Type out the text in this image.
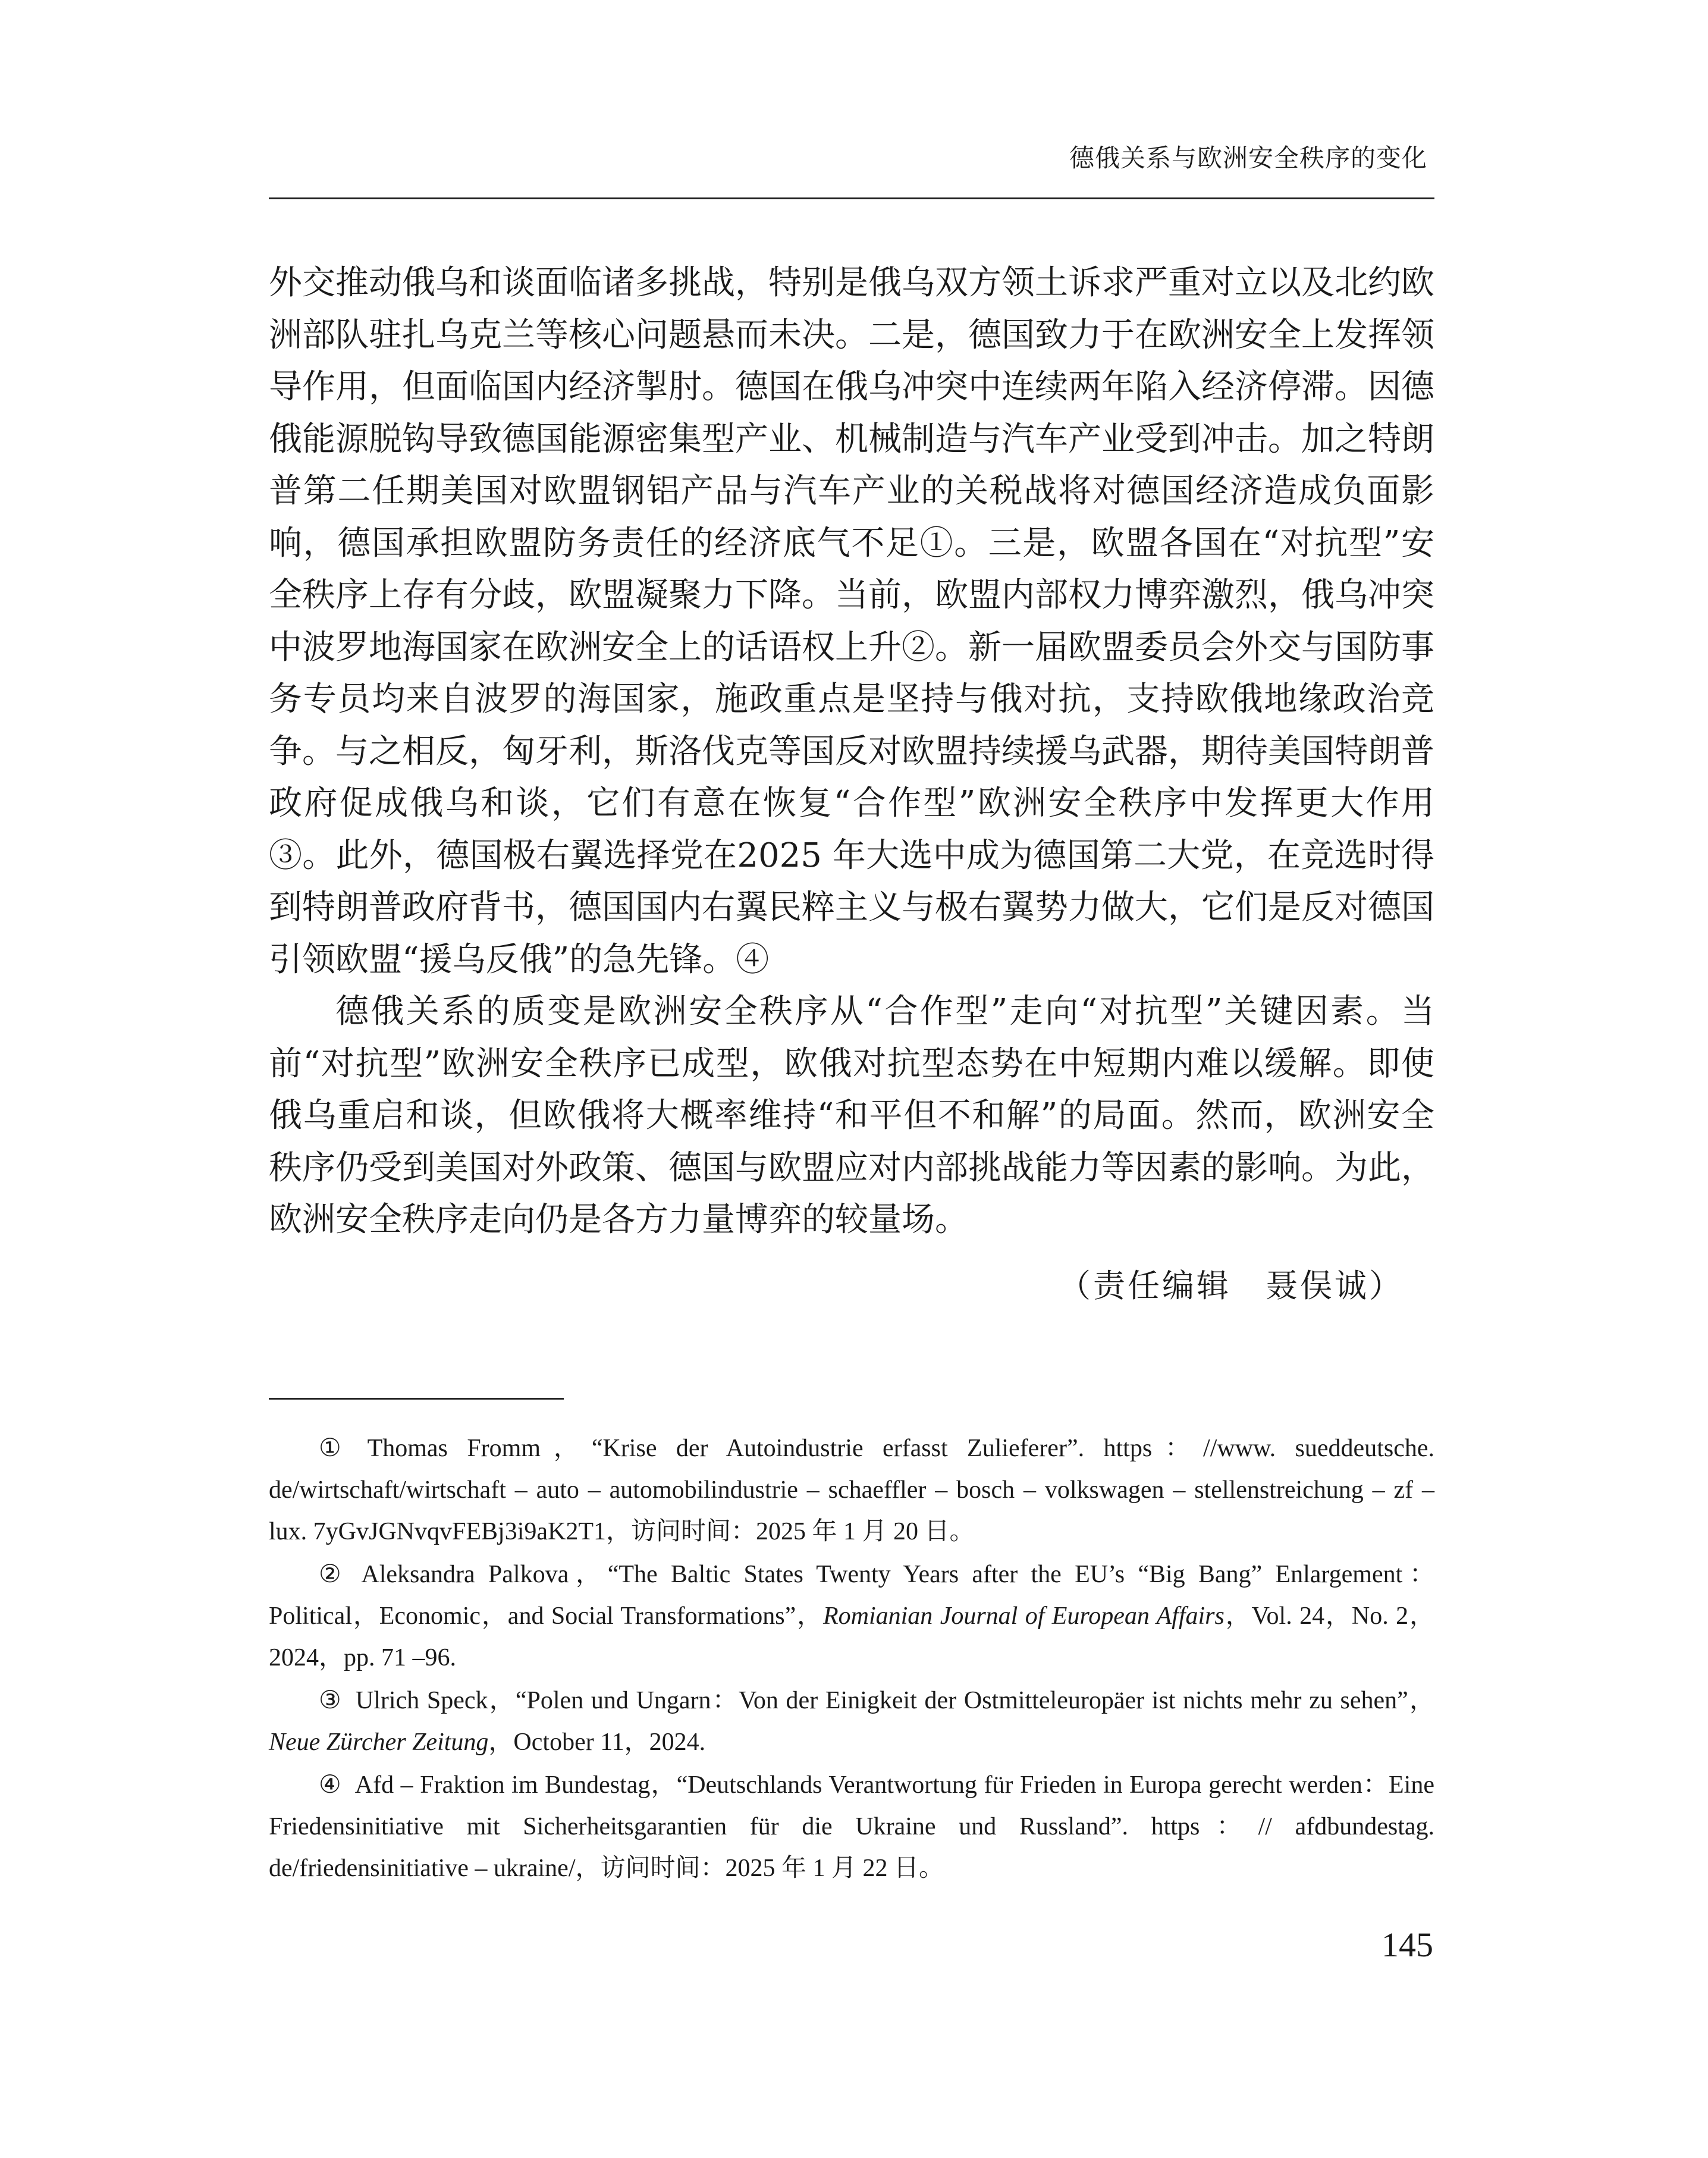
德俄关系与欧洲安全秩序的变化

外交推动俄乌和谈面临诸多挑战，特别是俄乌双方领土诉求严重对立以及北约欧洲部队驻扎乌克兰等核心问题悬而未决。二是，德国致力于在欧洲安全上发挥领导作用，但面临国内经济掣肘。德国在俄乌冲突中连续两年陷入经济停滞。因德俄能源脱钩导致德国能源密集型产业、机械制造与汽车产业受到冲击。加之特朗普第二任期美国对欧盟钢铝产品与汽车产业的关税战将对德国经济造成负面影响，德国承担欧盟防务责任的经济底气不足①。三是，欧盟各国在“对抗型”安全秩序上存有分歧，欧盟凝聚力下降。当前，欧盟内部权力博弈激烈，俄乌冲突中波罗地海国家在欧洲安全上的话语权上升②。新一届欧盟委员会外交与国防事务专员均来自波罗的海国家，施政重点是坚持与俄对抗，支持欧俄地缘政治竞争。与之相反，匈牙利，斯洛伐克等国反对欧盟持续援乌武器，期待美国特朗普政府促成俄乌和谈，它们有意在恢复“合作型”欧洲安全秩序中发挥更大作用③。此外，德国极右翼选择党在2025 年大选中成为德国第二大党，在竞选时得到特朗普政府背书，德国国内右翼民粹主义与极右翼势力做大，它们是反对德国引领欧盟“援乌反俄”的急先锋。④

德俄关系的质变是欧洲安全秩序从“合作型”走向“对抗型”关键因素。当前“对抗型”欧洲安全秩序已成型，欧俄对抗型态势在中短期内难以缓解。即使俄乌重启和谈，但欧俄将大概率维持“和平但不和解”的局面。然而，欧洲安全秩序仍受到美国对外政策、德国与欧盟应对内部挑战能力等因素的影响。为此，欧洲安全秩序走向仍是各方力量博弈的较量场。

（责任编辑　聂俣诚）

① Thomas Fromm，“Krise der Autoindustrie erfasst Zulieferer”. https：//www. sueddeutsche. de/wirtschaft/wirtschaft – auto – automobilindustrie – schaeffler – bosch – volkswagen – stellenstreichung – zf – lux. 7yGvJGNvqvFEBj3i9aK2T1，访问时间：2025 年 1 月 20 日。

② Aleksandra Palkova，“The Baltic States Twenty Years after the EU’s “Big Bang” Enlargement：Political，Economic，and Social Transformations”，Romianian Journal of European Affairs，Vol. 24，No. 2，2024，pp. 71 –96.

③ Ulrich Speck，“Polen und Ungarn：Von der Einigkeit der Ostmitteleuropäer ist nichts mehr zu sehen”，Neue Zürcher Zeitung，October 11，2024.

④ Afd – Fraktion im Bundestag，“Deutschlands Verantwortung für Frieden in Europa gerecht werden：Eine Friedensinitiative mit Sicherheitsgarantien für die Ukraine und Russland”. https：// afdbundestag. de/friedensinitiative – ukraine/，访问时间：2025 年 1 月 22 日。

145
